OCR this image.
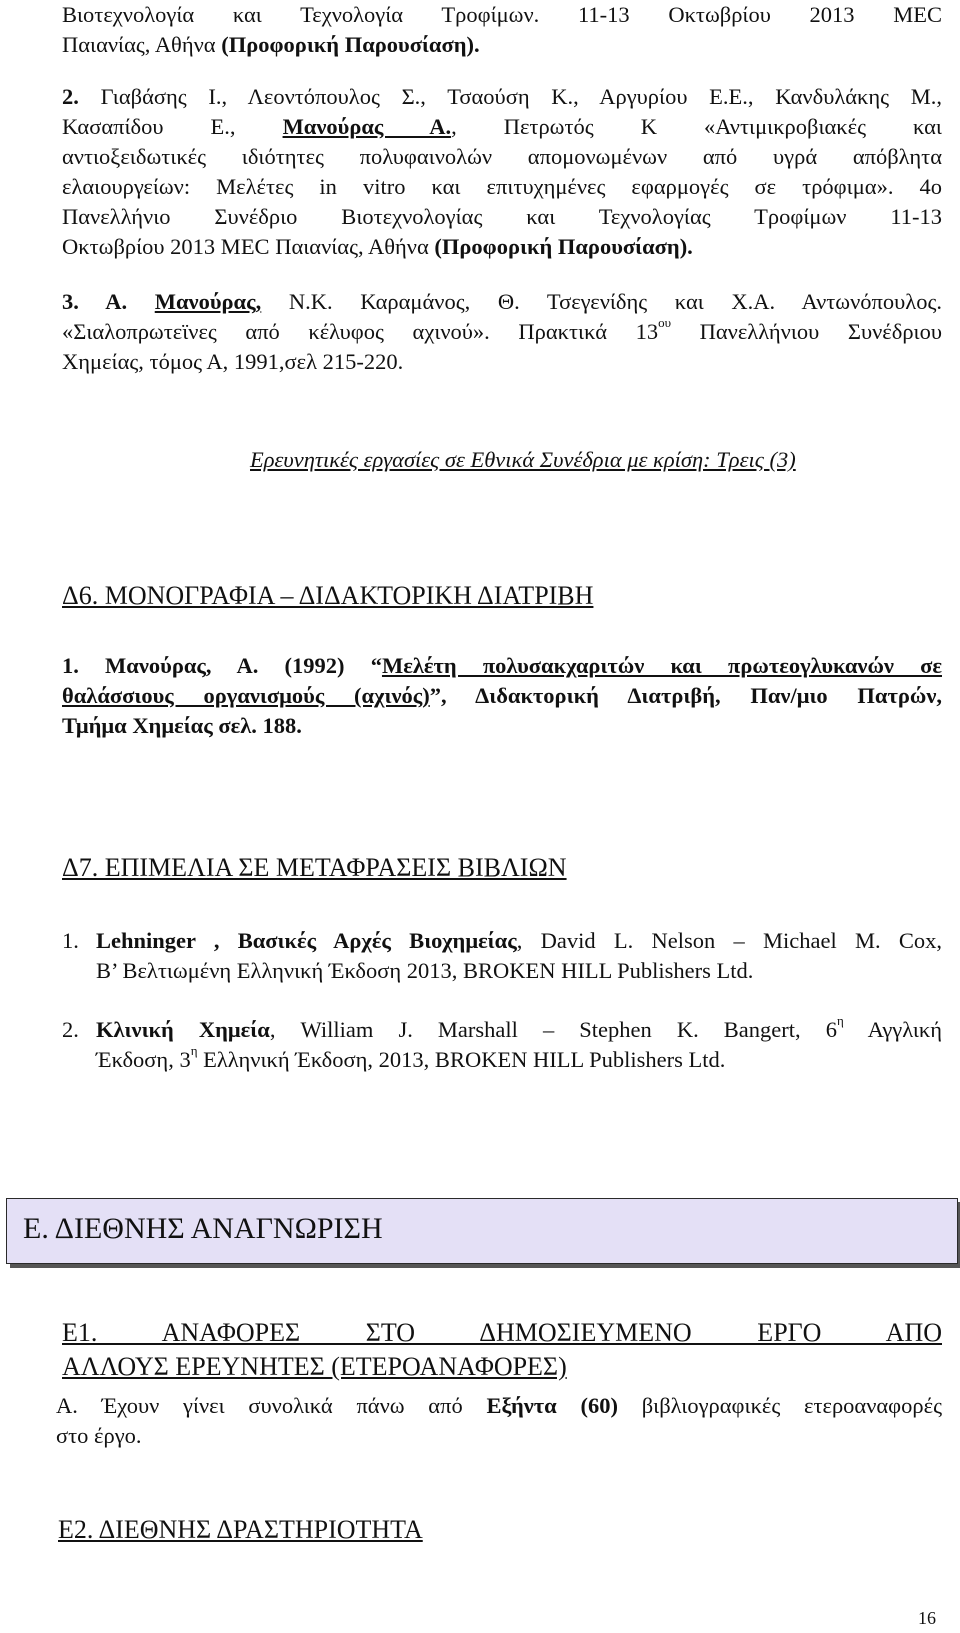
Βιοτεχνολογία και Τεχνολογία Τροφίμων. 11-13 Οκτωβρίου 2013 ΜΕC
Παιανίας, Αθήνα (Προφορική Παρουσίαση).
2. Γιαβάσης Ι., Λεοντόπουλος Σ., Τσαούση Κ., Αργυρίου Ε.Ε., Κανδυλάκης Μ.,
Κασαπίδου Ε., Μανούρας Α., Πετρωτός Κ «Αντιμικροβιακές και
αντιοξειδωτικές ιδιότητες πολυφαινολών απομονωμένων από υγρά απόβλητα
ελαιουργείων: Μελέτες in vitro και επιτυχημένες εφαρμογές σε τρόφιμα». 4ο
Πανελλήνιο Συνέδριο Βιοτεχνολογίας και Τεχνολογίας Τροφίμων 11-13
Οκτωβρίου 2013 ΜΕC Παιανίας, Αθήνα (Προφορική Παρουσίαση).
3. Α. Μανούρας, Ν.Κ. Καραμάνος, Θ. Τσεγενίδης και Χ.Α. Αντωνόπουλος.
«Σιαλοπρωτεϊνες από κέλυφος αχινού». Πρακτικά $13^{o\upsilon}$ Πανελλήνιου Συνέδριου
Χημείας, τόμος Α, 1991,σελ 215-220.
Ερευνητικές εργασίες σε Εθνικά Συνέδρια με κρίση: Τρεις (3)
Δ6. ΜΟΝΟΓΡΑΦΙΑ – ΔΙΔΑΚΤΟΡΙΚΗ ΔΙΑΤΡΙΒΗ
1. Μανούρας, Α. (1992) “Μελέτη πολυσακχαριτών και πρωτεογλυκανών σε
θαλάσσιους οργανισμούς (αχινός)”, Διδακτορική Διατριβή, Παν/μιο Πατρών,
Τμήμα Χημείας σελ. 188.
Δ7. ΕΠΙΜΕΛΙΑ ΣΕ ΜΕΤΑΦΡΑΣΕΙΣ ΒΙΒΛΙΩΝ
1. Lehninger , Βασικές Αρχές Βιοχημείας, David L. Nelson – Michael M. Cox,
Β’ Βελτιωμένη Ελληνική Έκδοση 2013, BROKEN HILL Publishers Ltd.
2. Κλινική Χημεία, William J. Marshall – Stephen K. Bangert, $6^\eta$ Αγγλική
Έκδοση, $3^\eta$ Ελληνική Έκδοση, 2013, BROKEN HILL Publishers Ltd.
Ε. ΔΙΕΘΝΗΣ ΑΝΑΓΝΩΡΙΣΗ
Ε1. ΑΝΑΦΟΡΕΣ ΣΤΟ ΔΗΜΟΣΙΕΥΜΕΝΟ ΕΡΓΟ ΑΠΟ
ΑΛΛΟΥΣ ΕΡΕΥΝΗΤΕΣ (ΕΤΕΡΟΑΝΑΦΟΡΕΣ)
Α. Έχουν γίνει συνολικά πάνω από Εξήντα (60) βιβλιογραφικές ετεροαναφορές
στο έργο.
Ε2. ΔΙΕΘΝΗΣ ΔΡΑΣΤΗΡΙΟΤΗΤΑ
16
